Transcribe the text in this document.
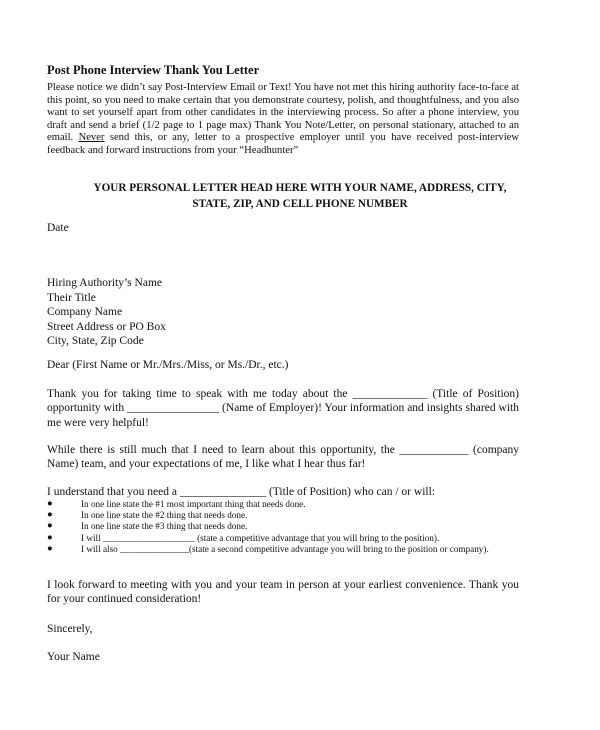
Post Phone Interview Thank You Letter

Please notice we didn’t say Post-Interview Email or Text! You have not met this hiring authority face-to-face at this point, so you need to make certain that you demonstrate courtesy, polish, and thoughtfulness, and you also want to set yourself apart from other candidates in the interviewing process. So after a phone interview, you draft and send a brief (1/2 page to 1 page max) Thank You Note/Letter, on personal stationary, attached to an email. Never send this, or any, letter to a prospective employer until you have received post-interview feedback and forward instructions from your “Headhunter”

YOUR PERSONAL LETTER HEAD HERE WITH YOUR NAME, ADDRESS, CITY,
STATE, ZIP, AND CELL PHONE NUMBER

Date

Hiring Authority’s Name
Their Title
Company Name
Street Address or PO Box
City, State, Zip Code

Dear (First Name or Mr./Mrs./Miss, or Ms./Dr., etc.)

Thank you for taking time to speak with me today about the _____________ (Title of Position) opportunity with ________________ (Name of Employer)! Your information and insights shared with me were very helpful!

While there is still much that I need to learn about this opportunity, the ____________ (company Name) team, and your expectations of me, I like what I hear thus far!

I understand that you need a _______________ (Title of Position) who can / or will:

●	In one line state the #1 most important thing that needs done.
●	In one line state the #2 thing that needs done.
●	In one line state the #3 thing that needs done.
●	I will ____________________ (state a competitive advantage that you will bring to the position).
●	I will also _______________(state a second competitive advantage you will bring to the position or company).

I look forward to meeting with you and your team in person at your earliest convenience. Thank you for your continued consideration!

Sincerely,

Your Name
